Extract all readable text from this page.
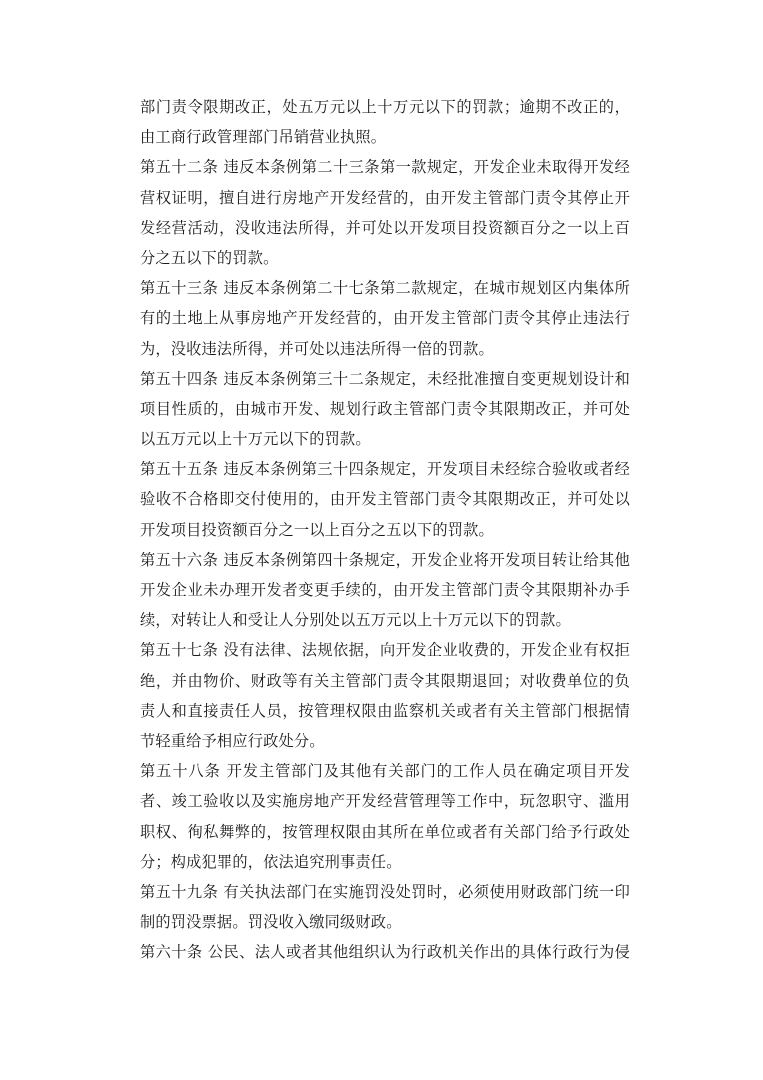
部门责令限期改正，处五万元以上十万元以下的罚款；逾期不改正的，
由工商行政管理部门吊销营业执照。
第五十二条 违反本条例第二十三条第一款规定，开发企业未取得开发经
营权证明，擅自进行房地产开发经营的，由开发主管部门责令其停止开
发经营活动，没收违法所得，并可处以开发项目投资额百分之一以上百
分之五以下的罚款。
第五十三条 违反本条例第二十七条第二款规定，在城市规划区内集体所
有的土地上从事房地产开发经营的，由开发主管部门责令其停止违法行
为，没收违法所得，并可处以违法所得一倍的罚款。
第五十四条 违反本条例第三十二条规定，未经批准擅自变更规划设计和
项目性质的，由城市开发、规划行政主管部门责令其限期改正，并可处
以五万元以上十万元以下的罚款。
第五十五条 违反本条例第三十四条规定，开发项目未经综合验收或者经
验收不合格即交付使用的，由开发主管部门责令其限期改正，并可处以
开发项目投资额百分之一以上百分之五以下的罚款。
第五十六条 违反本条例第四十条规定，开发企业将开发项目转让给其他
开发企业未办理开发者变更手续的，由开发主管部门责令其限期补办手
续，对转让人和受让人分别处以五万元以上十万元以下的罚款。
第五十七条 没有法律、法规依据，向开发企业收费的，开发企业有权拒
绝，并由物价、财政等有关主管部门责令其限期退回；对收费单位的负
责人和直接责任人员，按管理权限由监察机关或者有关主管部门根据情
节轻重给予相应行政处分。
第五十八条 开发主管部门及其他有关部门的工作人员在确定项目开发
者、竣工验收以及实施房地产开发经营管理等工作中，玩忽职守、滥用
职权、徇私舞弊的，按管理权限由其所在单位或者有关部门给予行政处
分；构成犯罪的，依法追究刑事责任。
第五十九条 有关执法部门在实施罚没处罚时，必须使用财政部门统一印
制的罚没票据。罚没收入缴同级财政。
第六十条 公民、法人或者其他组织认为行政机关作出的具体行政行为侵
